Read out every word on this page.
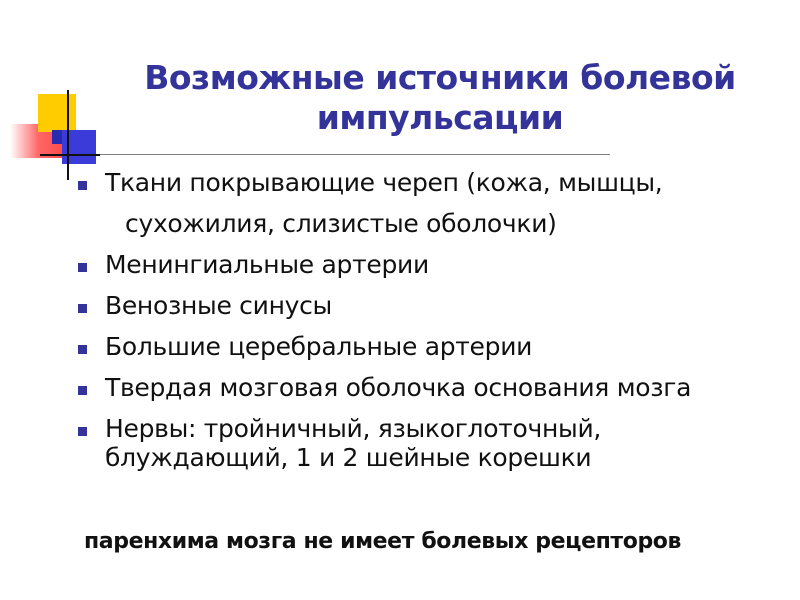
Возможные источники болевой
импульсации
Ткани покрывающие череп (кожа, мышцы,
сухожилия, слизистые оболочки)
Менингиальные артерии
Венозные синусы
Большие церебральные артерии
Твердая мозговая оболочка основания мозга
Нервы: тройничный, языкоглоточный, блуждающий, 1 и 2 шейные корешки
паренхима мозга не имеет болевых рецепторов
